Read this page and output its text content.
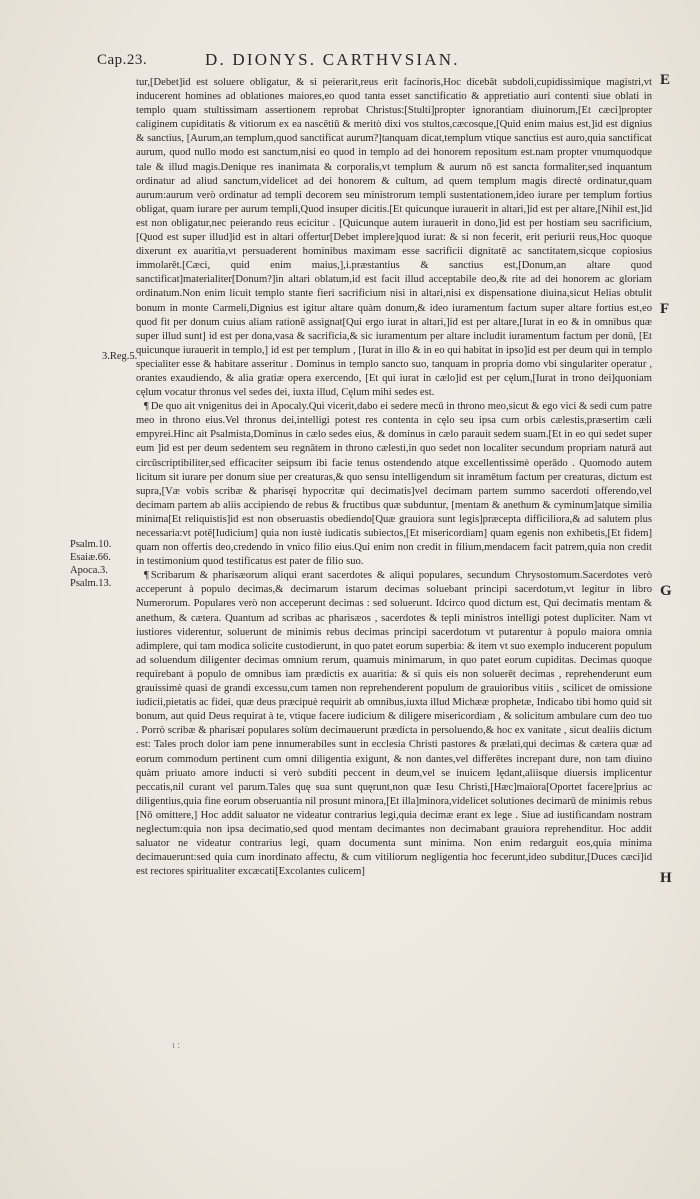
Cap.23.	D. DIONYS. CARTHVSIAN.
E
F
G
H
3.Reg.5.
Psalm.10.
Esaiæ.66.
Apoca.3.
Psalm.13.

tur,[Debet]id est soluere obligatur, & si peierarit,reus erit facinoris,Hoc dicebāt subdoli,cupidissimique magistri,vt inducerent homines ad oblationes maiores,eo quod tanta esset sanctificatio & appretiatio auri contenti siue oblati in templo quam stultissimam assertionem reprobat Christus:[Stulti]propter ignorantiam diuinorum,[Et cæci]propter caliginem cupiditatis & vitiorum ex ea nascētiū & meritò dixi vos stultos,cæcosque,[Quid enim maius est,]id est dignius & sanctius, [Aurum,an templum,quod sanctificat aurum?]tanquam dicat,templum vtique sanctius est auro,quia sanctificat aurum, quod nullo modo est sanctum,nisi eo quod in templo ad dei honorem repositum est.nam propter vnumquodque tale & illud magis.Denique res inanimata & corporalis,vt templum & aurum nō est sancta formaliter,sed inquantum ordinatur ad aliud sanctum,videlicet ad dei honorem & cultum, ad quem templum magis directè ordinatur,quam aurum:aurum verò ordinatur ad templi decorem seu ministrorum templi sustentationem,ideo iurare per templum fortius obligat, quam iurare per aurum templi,Quod insuper dicitis.[Et quicunque iurauerit in altari,]id est per altare,[Nihil est,]id est non obligatur,nec peierando reus ecicitur . [Quicunque autem iurauerit in dono,]id est per hostiam seu sacrificium,[Quod est super illud]id est in altari offertur[Debet implere]quod iurat: & si non fecerit, erit periurii reus,Hoc quoque dixerunt ex auaritia,vt persuaderent hominibus maximam esse sacrificii dignitatē ac sanctitatem,sicque copiosius immolarēt.[Cæci, quid enim maius,],i.præstantius & sanctius est,[Donum,an altare quod sanctificat]materialiter[Donum?]in altari oblatum,id est facit illud acceptabile deo,& rite ad dei honorem ac gloriam ordinatum.Non enim licuit templo stante fieri sacrificium nisi in altari,nisi ex dispensatione diuina,sicut Helias obtulit bonum in monte Carmeli,Dignius est igitur altare quàm donum,& ideo iuramentum factum super altare fortius est,eo quod fit per donum cuius aliam rationē assignat[Qui ergo iurat in altari,]id est per altare,[Iurat in eo & in omnibus quæ super illud sunt] id est per dona,vasa & sacrificia,& sic iuramentum per altare includit iuramentum factum per donū, [Et quicunque iurauerit in templo,] id est per templum , [Iurat in illo & in eo qui habitat in ipso]id est per deum qui in templo specialiter esse & habitare asseritur . Dominus in templo sancto suo, tanquam in propria domo vbi singulariter operatur , orantes exaudiendo, & alia gratiæ opera exercendo, [Et qui iurat in cælo]id est per cęlum,[Iurat in trono dei]quoniam cęlum vocatur thronus vel sedes dei, iuxta illud, Cęlum mihi sedes est.

¶ De quo ait vnigenitus dei in Apocaly.Qui vicerit,dabo ei sedere mecū in throno meo,sicut & ego vici & sedi cum patre meo in throno eius.Vel thronus dei,intelligi potest res contenta in cęlo seu ipsa cum orbis cælestis,præsertim cæli empyrei.Hinc ait Psalmista,Dominus in cælo sedes eius, & dominus in cælo parauit sedem suam.[Et in eo qui sedet super eum ]id est per deum sedentem seu regnātem in throno cælesti,in quo sedet non localiter secundum propriam naturā aut circūscriptibiliter,sed efficaciter seipsum ibi facie tenus ostendendo atque excellentissimè operādo . Quomodo autem licitum sit iurare per donum siue per creaturas,& quo sensu intelligendum sit inramētum factum per creaturas, dictum est supra,[Væ vobis scribæ & pharisęi hypocritæ qui decimatis]vel decimam partem summo sacerdoti offerendo,vel decimam partem ab aliis accipiendo de rebus & fructibus quæ subduntur, [mentam & anethum & cyminum]atque similia minima[Et reliquistis]id est non obseruastis obediendo[Quæ grauiora sunt legis]præcepta difficiliora,& ad salutem plus necessaria:vt potē[Iudicium] quia non iustè iudicatis subiectos,[Et misericordiam] quam egenis non exhibetis,[Et fidem] quam non offertis deo,credendo in vnico filio eius.Qui enim non credit in filium,mendacem facit patrem,quia non credit in testimonium quod testificatus est pater de filio suo.

¶ Scribarum & pharisæorum aliqui erant sacerdotes & aliqui populares, secundum Chrysostomum.Sacerdotes verò acceperunt à populo decimas,& decimarum istarum decimas soluebant principi sacerdotum,vt legitur in libro Numerorum. Populares verò non acceperunt decimas : sed soluerunt. Idcirco quod dictum est, Qui decimatis mentam & anethum, & cætera. Quantum ad scribas ac pharisæos , sacerdotes & tepli ministros intelligi potest dupliciter. Nam vt iustiores viderentur, soluerunt de minimis rebus decimas principi sacerdotum vt putarentur à populo maiora omnia adimplere, qui tam modica solicite custodierunt, in quo patet eorum superbia: & item vt suo exemplo inducerent populum ad soluendum diligenter decimas omnium rerum, quamuis minimarum, in quo patet eorum cupiditas. Decimas quoque requirebant à populo de omnibus iam prædictis ex auaritia: & si quis eis non soluerēt decimas , reprehenderunt eum grauissimè quasi de grandi excessu,cum tamen non reprehenderent populum de grauioribus vitiis , scilicet de omissione iudicii,pietatis ac fidei, quæ deus præcipuè requirit ab omnibus,iuxta illud Michææ prophetæ, Indicabo tibi homo quid sit bonum, aut quid Deus requirat à te, vtique facere iudicium & diligere misericordiam , & solicitum ambulare cum deo tuo . Porrò scribæ & pharisæi populares solùm decimauerunt prædicta in persoluendo,& hoc ex vanitate , sicut dealiis dictum est: Tales proch dolor iam pene innumerabiles sunt in ecclesia Christi pastores & prælati,qui decimas & cætera quæ ad eorum commodum pertinent cum omni diligentia exigunt, & non dantes,vel differētes increpant dure, non tam diuino quàm priuato amore inducti si verò subditi peccent in deum,vel se inuicem lędant,aliisque diuersis implicentur peccatis,nil curant vel parum.Tales quę sua sunt quęrunt,non quæ Iesu Christi,[Hæc]maiora[Oportet facere]prius ac diligentius,quia fine eorum obseruantia nil prosunt minora,[Et illa]minora,videlicet solutiones decimarū de minimis rebus [Nō omittere,] Hoc addit saluator ne videatur contrarius legi,quia decimæ erant ex lege . Siue ad iustificandam nostram neglectum:quia non ipsa decimatio,sed quod mentam decimantes non decimabant grauiora reprehenditur. Hoc addit saluator ne videatur contrarius legi, quam documenta sunt minima. Non enim redarguit eos,quia minima decimauerunt:sed quia cum inordinato affectu, & cum vitiliorum negligentia hoc fecerunt,ideo subditur,[Duces cæci]id est rectores spiritualiter excæcati[Excolantes culicem]

ı :
